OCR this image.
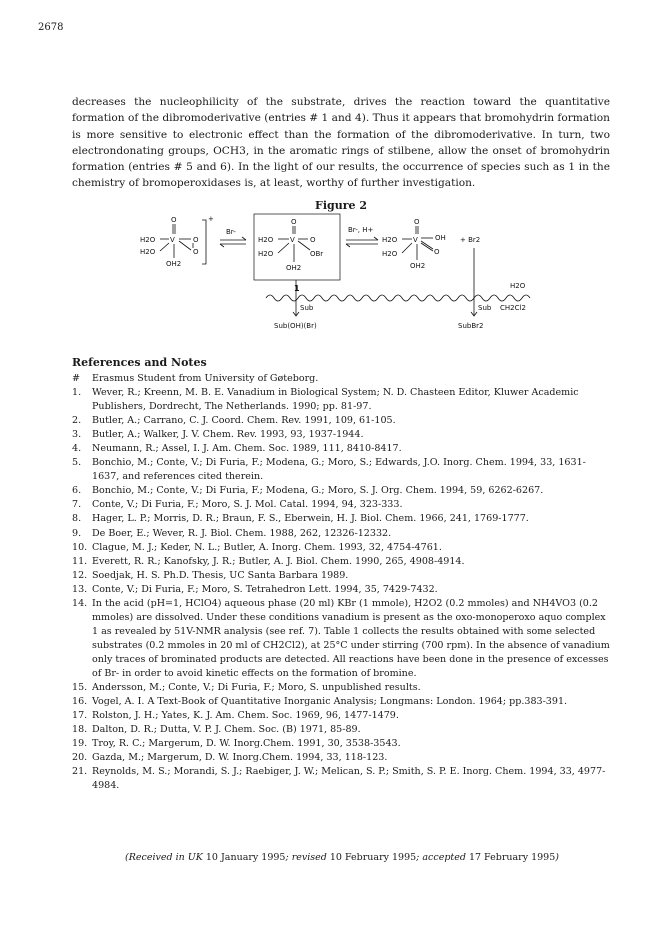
2678

decreases the nucleophilicity of the substrate, drives the reaction toward the quantitative formation of the dibromoderivative (entries # 1 and 4). Thus it appears that bromohydrin formation is more sensitive to electronic effect than the formation of the dibromoderivative. In turn, two electrondonating groups, OCH3, in the aromatic rings of stilbene, allow the onset of bromohydrin formation (entries # 5 and 6). In the light of our results, the occurrence of species such as 1 in the chemistry of bromoperoxidases is, at least, worthy of further investigation.

Figure 2
O
H2O V	O
O
H2O
OH2
+
Br-
O
H2O V O
OBr
H2O
OH2
1
Br-, H+
O
H2O V OH
O
H2O
OH2
+ Br2
Sub
Sub(OH)(Br)
Sub
SubBr2
H2O
CH2Cl2
References and Notes
# Erasmus Student from University of Gøteborg.
1. Wever, R.; Kreenn, M. B. E. Vanadium in Biological System; N. D. Chasteen Editor, Kluwer Academic Publishers, Dordrecht, The Netherlands. 1990; pp. 81-97.
2. Butler, A.; Carrano, C. J. Coord. Chem. Rev. 1991, 109, 61-105.
3. Butler, A.; Walker, J. V. Chem. Rev. 1993, 93, 1937-1944.
4. Neumann, R.; Assel, I. J. Am. Chem. Soc. 1989, 111, 8410-8417.
5. Bonchio, M.; Conte, V.; Di Furia, F.; Modena, G.; Moro, S.; Edwards, J.O. Inorg. Chem. 1994, 33, 1631-1637, and references cited therein.
6. Bonchio, M.; Conte, V.; Di Furia, F.; Modena, G.; Moro, S. J. Org. Chem. 1994, 59, 6262-6267.
7. Conte, V.; Di Furia, F.; Moro, S. J. Mol. Catal. 1994, 94, 323-333.
8. Hager, L. P.; Morris, D. R.; Braun, F. S., Eberwein, H. J. Biol. Chem. 1966, 241, 1769-1777.
9. De Boer, E.; Wever, R. J. Biol. Chem. 1988, 262, 12326-12332.
10. Clague, M. J.; Keder, N. L.; Butler, A. Inorg. Chem. 1993, 32, 4754-4761.
11. Everett, R. R.; Kanofsky, J. R.; Butler, A. J. Biol. Chem. 1990, 265, 4908-4914.
12. Soedjak, H. S. Ph.D. Thesis, UC Santa Barbara 1989.
13. Conte, V.; Di Furia, F.; Moro, S. Tetrahedron Lett. 1994, 35, 7429-7432.
14. In the acid (pH=1, HClO4) aqueous phase (20 ml) KBr (1 mmole), H2O2 (0.2 mmoles) and NH4VO3 (0.2 mmoles) are dissolved. Under these conditions vanadium is present as the oxo-monoperoxo aquo complex 1 as revealed by 51V-NMR analysis (see ref. 7). Table 1 collects the results obtained with some selected substrates (0.2 mmoles in 20 ml of CH2Cl2), at 25°C under stirring (700 rpm). In the absence of vanadium only traces of brominated products are detected. All reactions have been done in the presence of excesses of Br- in order to avoid kinetic effects on the formation of bromine.
15. Andersson, M.; Conte, V.; Di Furia, F.; Moro, S. unpublished results.
16. Vogel, A. I. A Text-Book of Quantitative Inorganic Analysis; Longmans: London. 1964; pp.383-391.
17. Rolston, J. H.; Yates, K. J. Am. Chem. Soc. 1969, 96, 1477-1479.
18. Dalton, D. R.; Dutta, V. P. J. Chem. Soc. (B) 1971, 85-89.
19. Troy, R. C.; Margerum, D. W. Inorg.Chem. 1991, 30, 3538-3543.
20. Gazda, M.; Margerum, D. W. Inorg.Chem. 1994, 33, 118-123.
21. Reynolds, M. S.; Morandi, S. J.; Raebiger, J. W.; Melican, S. P.; Smith, S. P. E. Inorg. Chem. 1994, 33, 4977-4984.
(Received in UK 10 January 1995; revised 10 February 1995; accepted 17 February 1995)
